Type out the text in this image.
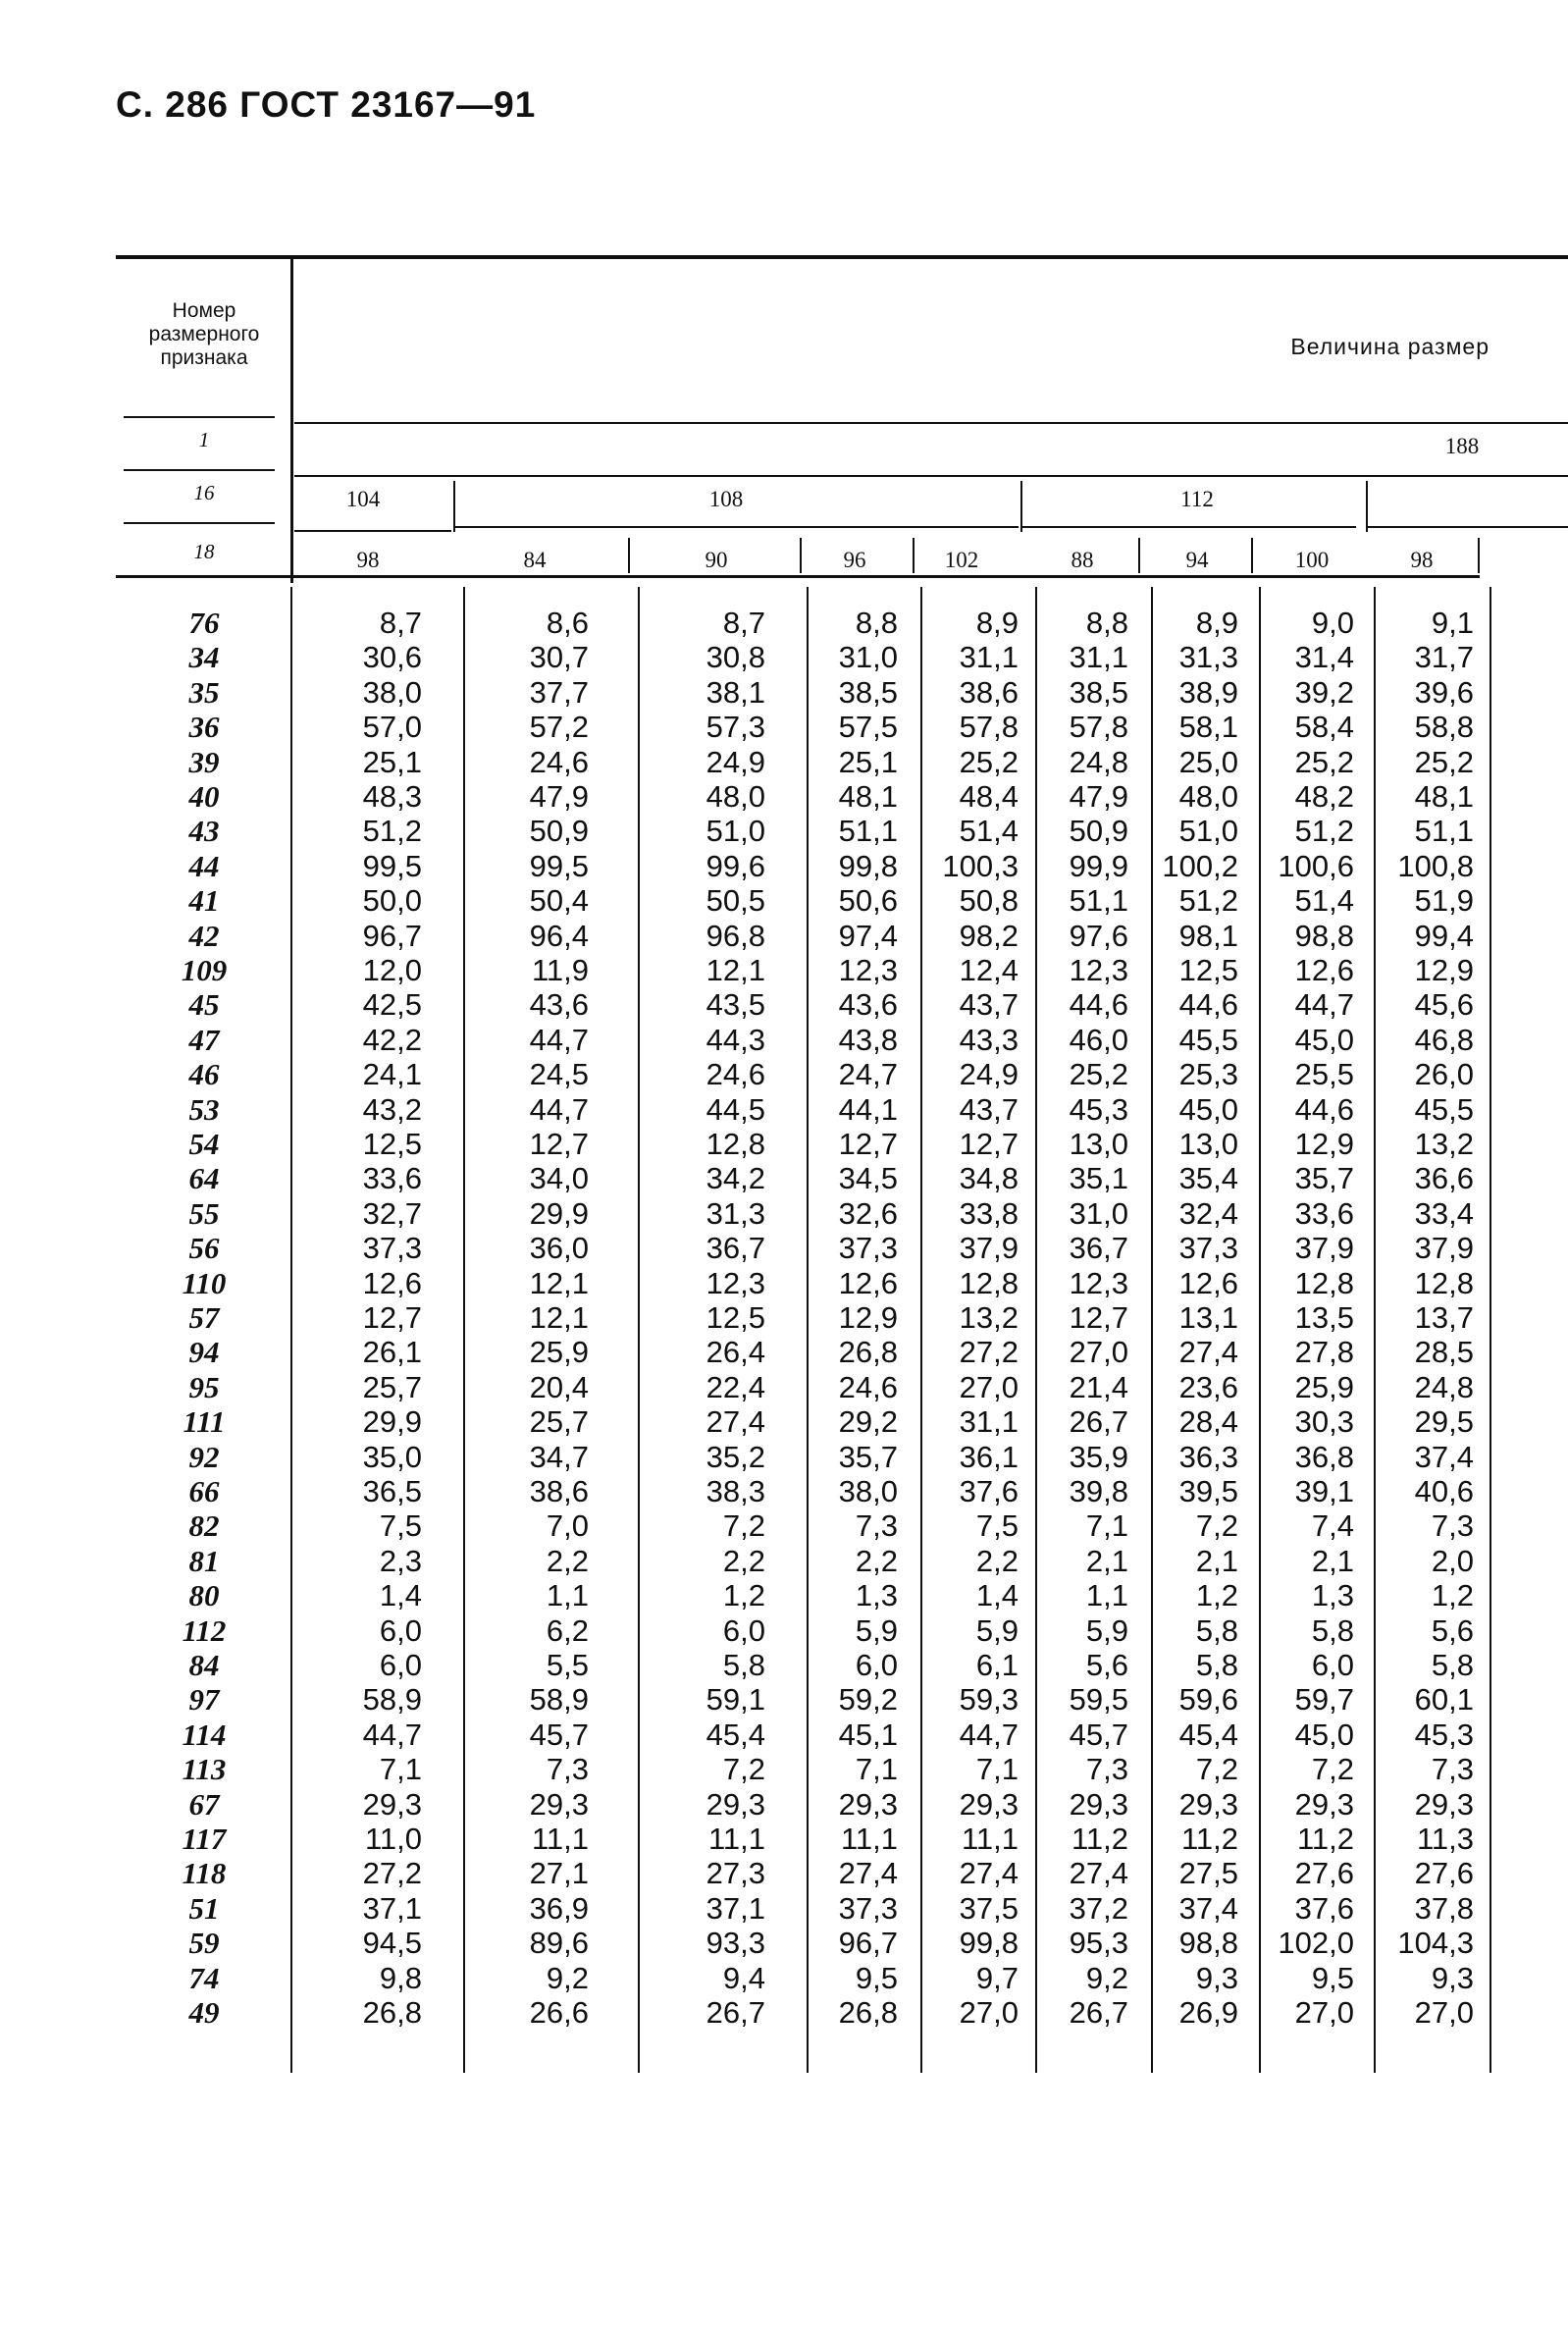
С. 286 ГОСТ 23167—91
Номер
размерного
признака	Величина размер
1	188
16	104	108	112
18	98	84	90	96	102	88	94	100	98
76	8,7	8,6	8,7	8,8	8,9	8,8	8,9	9,0	9,1
34	30,6	30,7	30,8	31,0	31,1	31,1	31,3	31,4	31,7
35	38,0	37,7	38,1	38,5	38,6	38,5	38,9	39,2	39,6
36	57,0	57,2	57,3	57,5	57,8	57,8	58,1	58,4	58,8
39	25,1	24,6	24,9	25,1	25,2	24,8	25,0	25,2	25,2
40	48,3	47,9	48,0	48,1	48,4	47,9	48,0	48,2	48,1
43	51,2	50,9	51,0	51,1	51,4	50,9	51,0	51,2	51,1
44	99,5	99,5	99,6	99,8	100,3	99,9	100,2	100,6	100,8
41	50,0	50,4	50,5	50,6	50,8	51,1	51,2	51,4	51,9
42	96,7	96,4	96,8	97,4	98,2	97,6	98,1	98,8	99,4
109	12,0	11,9	12,1	12,3	12,4	12,3	12,5	12,6	12,9
45	42,5	43,6	43,5	43,6	43,7	44,6	44,6	44,7	45,6
47	42,2	44,7	44,3	43,8	43,3	46,0	45,5	45,0	46,8
46	24,1	24,5	24,6	24,7	24,9	25,2	25,3	25,5	26,0
53	43,2	44,7	44,5	44,1	43,7	45,3	45,0	44,6	45,5
54	12,5	12,7	12,8	12,7	12,7	13,0	13,0	12,9	13,2
64	33,6	34,0	34,2	34,5	34,8	35,1	35,4	35,7	36,6
55	32,7	29,9	31,3	32,6	33,8	31,0	32,4	33,6	33,4
56	37,3	36,0	36,7	37,3	37,9	36,7	37,3	37,9	37,9
110	12,6	12,1	12,3	12,6	12,8	12,3	12,6	12,8	12,8
57	12,7	12,1	12,5	12,9	13,2	12,7	13,1	13,5	13,7
94	26,1	25,9	26,4	26,8	27,2	27,0	27,4	27,8	28,5
95	25,7	20,4	22,4	24,6	27,0	21,4	23,6	25,9	24,8
111	29,9	25,7	27,4	29,2	31,1	26,7	28,4	30,3	29,5
92	35,0	34,7	35,2	35,7	36,1	35,9	36,3	36,8	37,4
66	36,5	38,6	38,3	38,0	37,6	39,8	39,5	39,1	40,6
82	7,5	7,0	7,2	7,3	7,5	7,1	7,2	7,4	7,3
81	2,3	2,2	2,2	2,2	2,2	2,1	2,1	2,1	2,0
80	1,4	1,1	1,2	1,3	1,4	1,1	1,2	1,3	1,2
112	6,0	6,2	6,0	5,9	5,9	5,9	5,8	5,8	5,6
84	6,0	5,5	5,8	6,0	6,1	5,6	5,8	6,0	5,8
97	58,9	58,9	59,1	59,2	59,3	59,5	59,6	59,7	60,1
114	44,7	45,7	45,4	45,1	44,7	45,7	45,4	45,0	45,3
113	7,1	7,3	7,2	7,1	7,1	7,3	7,2	7,2	7,3
67	29,3	29,3	29,3	29,3	29,3	29,3	29,3	29,3	29,3
117	11,0	11,1	11,1	11,1	11,1	11,2	11,2	11,2	11,3
118	27,2	27,1	27,3	27,4	27,4	27,4	27,5	27,6	27,6
51	37,1	36,9	37,1	37,3	37,5	37,2	37,4	37,6	37,8
59	94,5	89,6	93,3	96,7	99,8	95,3	98,8	102,0	104,3
74	9,8	9,2	9,4	9,5	9,7	9,2	9,3	9,5	9,3
49	26,8	26,6	26,7	26,8	27,0	26,7	26,9	27,0	27,0
